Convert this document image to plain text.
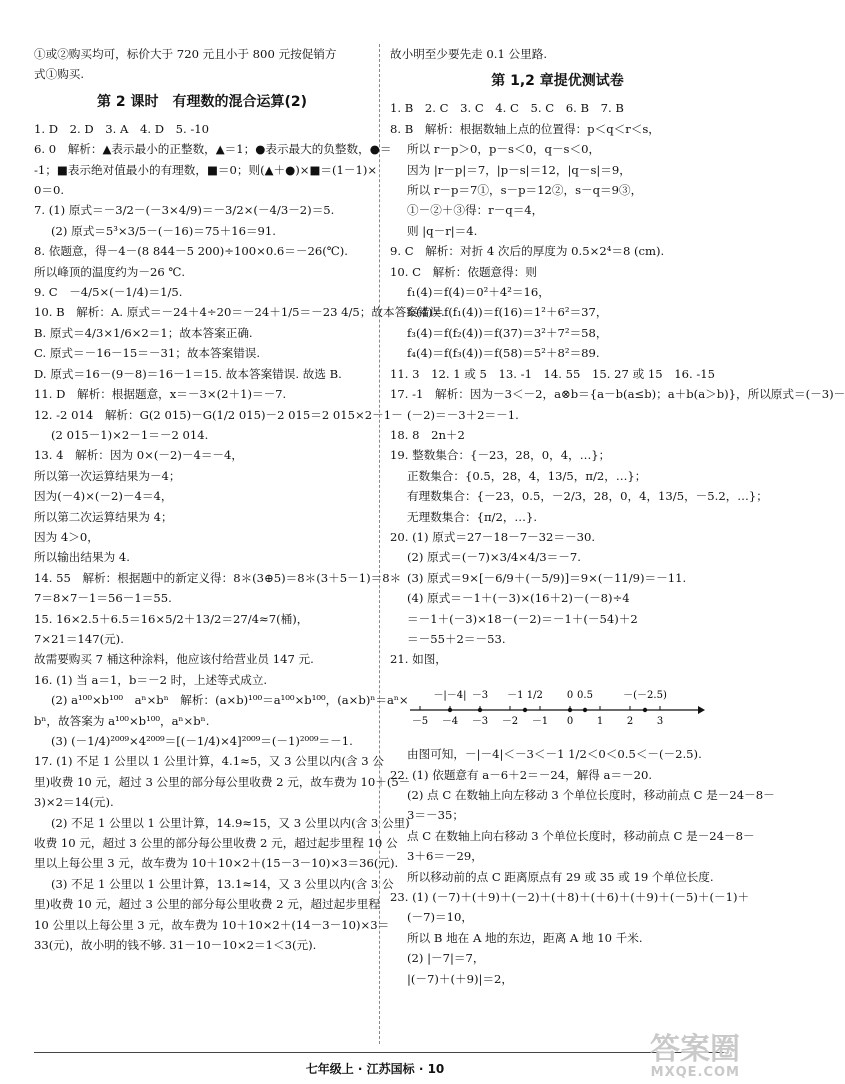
①或②购买均可，标价大于 720 元且小于 800 元按促销方
式①购买.
第 2 课时　有理数的混合运算(2)
1. D　2. D　3. A　4. D　5. -10
6. 0　解析：▲表示最小的正整数，▲＝1；●表示最大的负整数，●＝
-1；■表示绝对值最小的有理数，■＝0；则(▲＋●)×■＝(1－1)×
0＝0.
7. (1) 原式＝－3/2－(－3×4/9)＝－3/2×(－4/3－2)＝5.
(2) 原式＝5³×3/5－(－16)＝75＋16＝91.
8. 依题意，得－4－(8 844－5 200)÷100×0.6＝－26(℃).
所以峰顶的温度约为－26 ℃.
9. C　－4/5×(－1/4)＝1/5.
10. B　解析：A. 原式＝－24＋4÷20＝－24＋1/5＝－23 4/5；故本答案错误.
B. 原式＝4/3×1/6×2＝1；故本答案正确.
C. 原式＝－16－15＝－31；故本答案错误.
D. 原式＝16－(9－8)＝16－1＝15. 故本答案错误. 故选 B.
11. D　解析：根据题意，x＝－3×(2＋1)＝－7.
12. -2 014　解析：G(2 015)－G(1/2 015)－2 015＝2 015×2－1－
(2 015－1)×2－1＝－2 014.
13. 4　解析：因为 0×(－2)－4＝－4，
所以第一次运算结果为－4；
因为(－4)×(－2)－4＝4，
所以第二次运算结果为 4；
因为 4＞0，
所以输出结果为 4.
14. 55　解析：根据题中的新定义得：8＊(3⊕5)＝8＊(3＋5－1)＝8＊
7＝8×7－1＝56－1＝55.
15. 16×2.5＋6.5＝16×5/2＋13/2＝27/4≈7(桶)，
7×21＝147(元).
故需要购买 7 桶这种涂料，他应该付给营业员 147 元.
16. (1) 当 a＝1，b＝－2 时，上述等式成立.
(2) a¹⁰⁰×b¹⁰⁰　aⁿ×bⁿ　解析：(a×b)¹⁰⁰＝a¹⁰⁰×b¹⁰⁰，(a×b)ⁿ＝aⁿ×
bⁿ，故答案为 a¹⁰⁰×b¹⁰⁰，aⁿ×bⁿ.
(3) (－1/4)²⁰⁰⁹×4²⁰⁰⁹＝[(－1/4)×4]²⁰⁰⁹＝(－1)²⁰⁰⁹＝－1.
17. (1) 不足 1 公里以 1 公里计算，4.1≈5，又 3 公里以内(含 3 公
里)收费 10 元，超过 3 公里的部分每公里收费 2 元，故车费为 10＋(5－
3)×2＝14(元).
(2) 不足 1 公里以 1 公里计算，14.9≈15，又 3 公里以内(含 3 公里)
收费 10 元，超过 3 公里的部分每公里收费 2 元，超过起步里程 10 公
里以上每公里 3 元，故车费为 10＋10×2＋(15－3－10)×3＝36(元).
(3) 不足 1 公里以 1 公里计算，13.1≈14，又 3 公里以内(含 3 公
里)收费 10 元，超过 3 公里的部分每公里收费 2 元，超过起步里程
10 公里以上每公里 3 元，故车费为 10＋10×2＋(14－3－10)×3＝
33(元)，故小明的钱不够. 31－10－10×2＝1＜3(元).
故小明至少要先走 0.1 公里路.
第 1,2 章提优测试卷
1. B　2. C　3. C　4. C　5. C　6. B　7. B
8. B　解析：根据数轴上点的位置得：p＜q＜r＜s，
所以 r－p＞0，p－s＜0，q－s＜0，
因为 |r－p|＝7，|p－s|＝12，|q－s|＝9，
所以 r－p＝7①，s－p＝12②，s－q＝9③，
①－②＋③得：r－q＝4，
则 |q－r|＝4.
9. C　解析：对折 4 次后的厚度为 0.5×2⁴＝8 (cm).
10. C　解析：依题意得：则
f₁(4)＝f(4)＝0²＋4²＝16，
f₂(4)＝f(f₁(4))＝f(16)＝1²＋6²＝37，
f₃(4)＝f(f₂(4))＝f(37)＝3²＋7²＝58，
f₄(4)＝f(f₃(4))＝f(58)＝5²＋8²＝89.
11. 3　12. 1 或 5　13. -1　14. 55　15. 27 或 15　16. -15
17. -1　解析：因为－3＜－2，a⊗b＝{a－b(a≤b)；a＋b(a＞b)}，所以原式＝(－3)－
(－2)＝－3＋2＝－1.
18. 8　2n＋2
19. 整数集合：{－23，28，0，4，…}；
正数集合：{0.5，28，4，13/5，π/2，…}；
有理数集合：{－23，0.5，－2/3，28，0，4，13/5，－5.2，…}；
无理数集合：{π/2，…}.
20. (1) 原式＝27－18－7－32＝－30.
(2) 原式＝(－7)×3/4×4/3＝－7.
(3) 原式＝9×[－6/9＋(－5/9)]＝9×(－11/9)＝－11.
(4) 原式＝－1＋(－3)×(16＋2)－(－8)÷4
＝－1＋(－3)×18－(－2)＝－1＋(－54)＋2
＝－55＋2＝－53.
21. 如图，
－5 －4 －3 －2 －1 0 1 2 3
－|－4| －3 －1 1/2 0 0.5	－(－2.5)
由图可知，－|－4|＜－3＜－1 1/2＜0＜0.5＜－(－2.5).
22. (1) 依题意有 a－6＋2＝－24，解得 a＝－20.
(2) 点 C 在数轴上向左移动 3 个单位长度时，移动前点 C 是－24－8－
3＝－35；
点 C 在数轴上向右移动 3 个单位长度时，移动前点 C 是－24－8－
3＋6＝－29，
所以移动前的点 C 距离原点有 29 或 35 或 19 个单位长度.
23. (1) (－7)＋(＋9)＋(－2)＋(＋8)＋(＋6)＋(＋9)＋(－5)＋(－1)＋
(－7)＝10，
所以 B 地在 A 地的东边，距离 A 地 10 千米.
(2) |－7|＝7，
|(－7)＋(＋9)|＝2，
七年级上 · 江苏国标 · 10
答案圈
MXQE.COM
